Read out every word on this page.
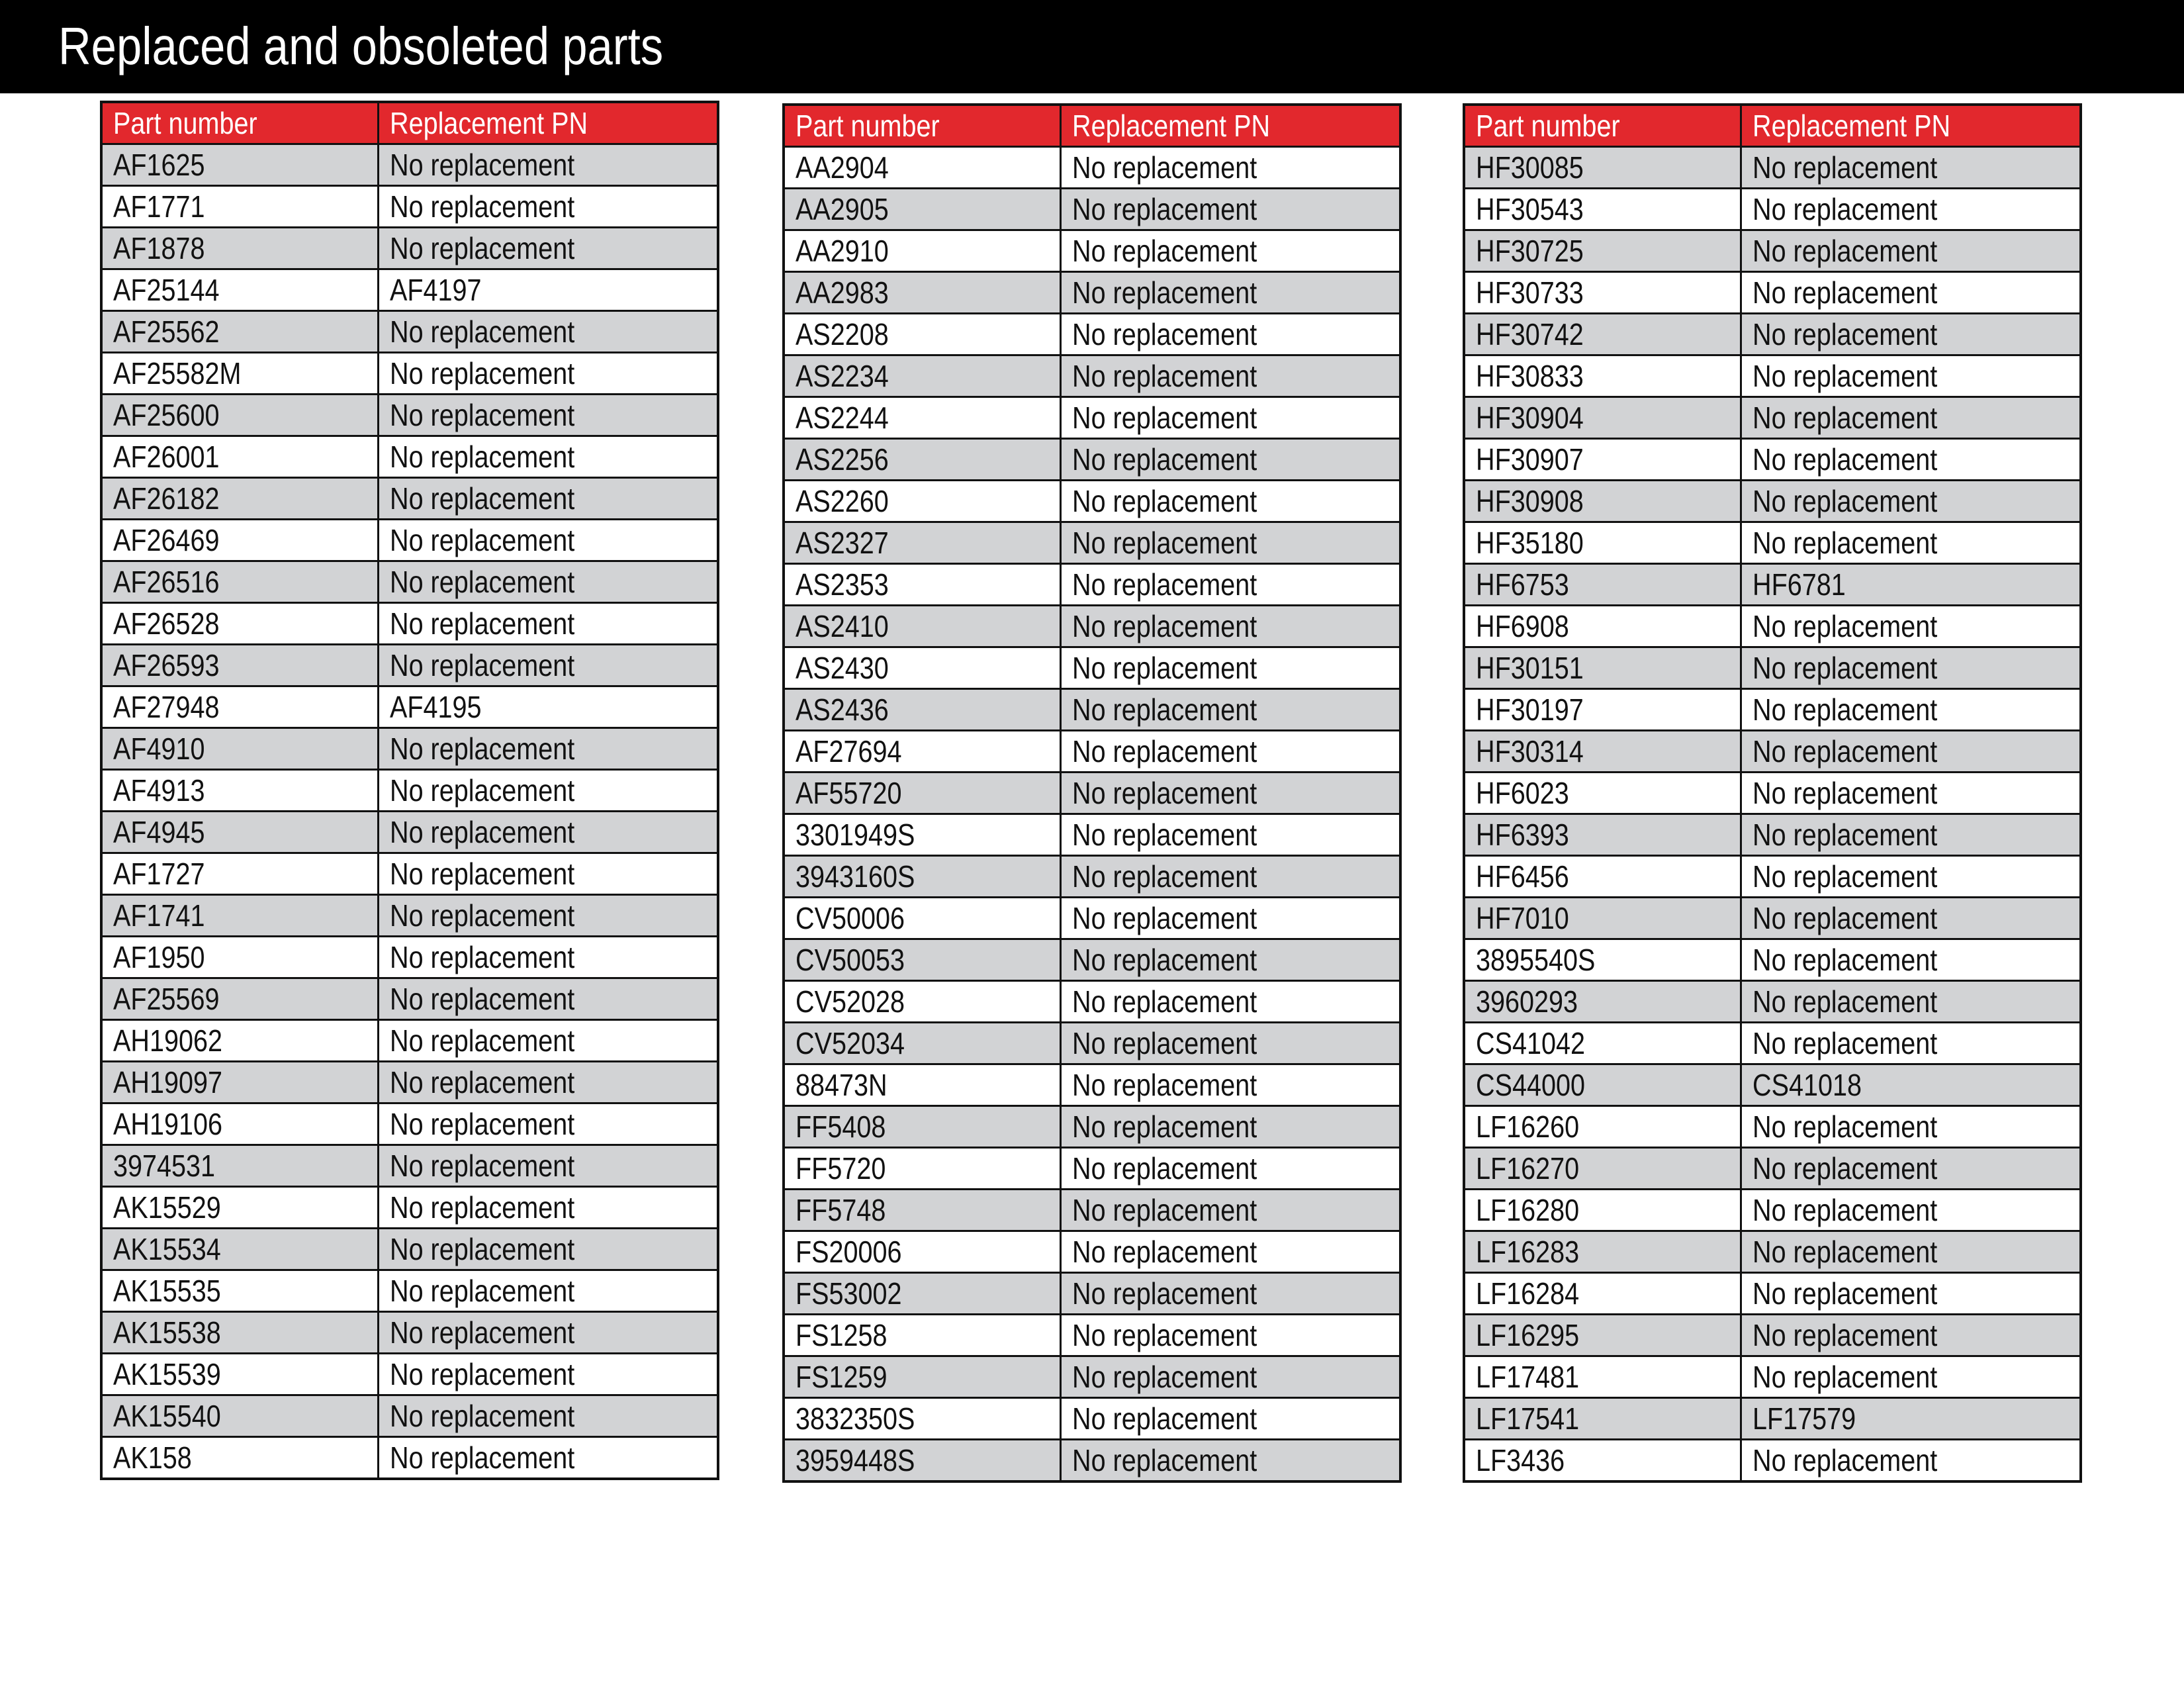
Replaced and obsoleted parts
Part number	Replacement PN
AF1625	No replacement
AF1771	No replacement
AF1878	No replacement
AF25144	AF4197
AF25562	No replacement
AF25582M	No replacement
AF25600	No replacement
AF26001	No replacement
AF26182	No replacement
AF26469	No replacement
AF26516	No replacement
AF26528	No replacement
AF26593	No replacement
AF27948	AF4195
AF4910	No replacement
AF4913	No replacement
AF4945	No replacement
AF1727	No replacement
AF1741	No replacement
AF1950	No replacement
AF25569	No replacement
AH19062	No replacement
AH19097	No replacement
AH19106	No replacement
3974531	No replacement
AK15529	No replacement
AK15534	No replacement
AK15535	No replacement
AK15538	No replacement
AK15539	No replacement
AK15540	No replacement
AK158	No replacement
Part number	Replacement PN
AA2904	No replacement
AA2905	No replacement
AA2910	No replacement
AA2983	No replacement
AS2208	No replacement
AS2234	No replacement
AS2244	No replacement
AS2256	No replacement
AS2260	No replacement
AS2327	No replacement
AS2353	No replacement
AS2410	No replacement
AS2430	No replacement
AS2436	No replacement
AF27694	No replacement
AF55720	No replacement
3301949S	No replacement
3943160S	No replacement
CV50006	No replacement
CV50053	No replacement
CV52028	No replacement
CV52034	No replacement
88473N	No replacement
FF5408	No replacement
FF5720	No replacement
FF5748	No replacement
FS20006	No replacement
FS53002	No replacement
FS1258	No replacement
FS1259	No replacement
3832350S	No replacement
3959448S	No replacement
Part number	Replacement PN
HF30085	No replacement
HF30543	No replacement
HF30725	No replacement
HF30733	No replacement
HF30742	No replacement
HF30833	No replacement
HF30904	No replacement
HF30907	No replacement
HF30908	No replacement
HF35180	No replacement
HF6753	HF6781
HF6908	No replacement
HF30151	No replacement
HF30197	No replacement
HF30314	No replacement
HF6023	No replacement
HF6393	No replacement
HF6456	No replacement
HF7010	No replacement
3895540S	No replacement
3960293	No replacement
CS41042	No replacement
CS44000	CS41018
LF16260	No replacement
LF16270	No replacement
LF16280	No replacement
LF16283	No replacement
LF16284	No replacement
LF16295	No replacement
LF17481	No replacement
LF17541	LF17579
LF3436	No replacement
